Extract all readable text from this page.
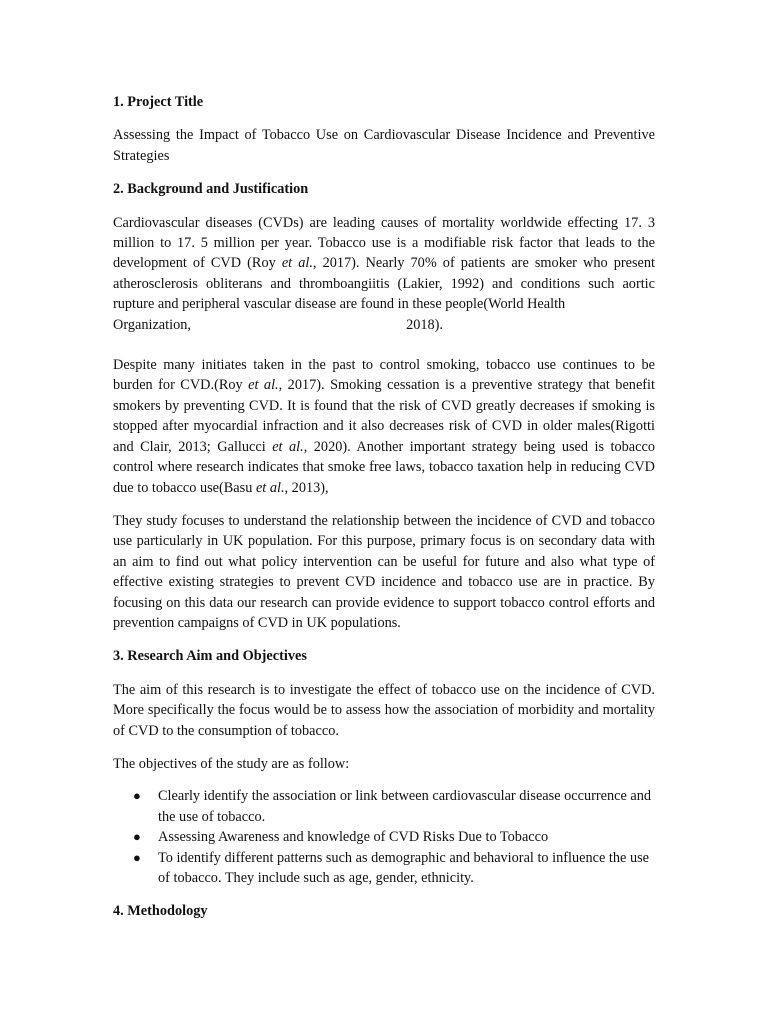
1. Project Title

Assessing the Impact of Tobacco Use on Cardiovascular Disease Incidence and Preventive Strategies

2. Background and Justification

Cardiovascular diseases (CVDs) are leading causes of mortality worldwide effecting 17. 3 million to 17. 5 million per year. Tobacco use is a modifiable risk factor that leads to the development of CVD (Roy et al., 2017). Nearly 70% of patients are smoker who present atherosclerosis obliterans and thromboangiitis (Lakier, 1992) and conditions such aortic rupture and peripheral vascular disease are found in these people(World Health

Organization,	2018).

Despite many initiates taken in the past to control smoking, tobacco use continues to be burden for CVD.(Roy et al., 2017). Smoking cessation is a preventive strategy that benefit smokers by preventing CVD. It is found that the risk of CVD greatly decreases if smoking is stopped after myocardial infraction and it also decreases risk of CVD in older males(Rigotti and Clair, 2013; Gallucci et al., 2020). Another important strategy being used is tobacco control where research indicates that smoke free laws, tobacco taxation help in reducing CVD due to tobacco use(Basu et al., 2013),

They study focuses to understand the relationship between the incidence of CVD and tobacco use particularly in UK population. For this purpose, primary focus is on secondary data with an aim to find out what policy intervention can be useful for future and also what type of effective existing strategies to prevent CVD incidence and tobacco use are in practice. By focusing on this data our research can provide evidence to support tobacco control efforts and prevention campaigns of CVD in UK populations.

3. Research Aim and Objectives

The aim of this research is to investigate the effect of tobacco use on the incidence of CVD. More specifically the focus would be to assess how the association of morbidity and mortality of CVD to the consumption of tobacco.

The objectives of the study are as follow:

● Clearly identify the association or link between cardiovascular disease occurrence and the use of tobacco.
● Assessing Awareness and knowledge of CVD Risks Due to Tobacco
● To identify different patterns such as demographic and behavioral to influence the use of tobacco. They include such as age, gender, ethnicity.

4. Methodology
